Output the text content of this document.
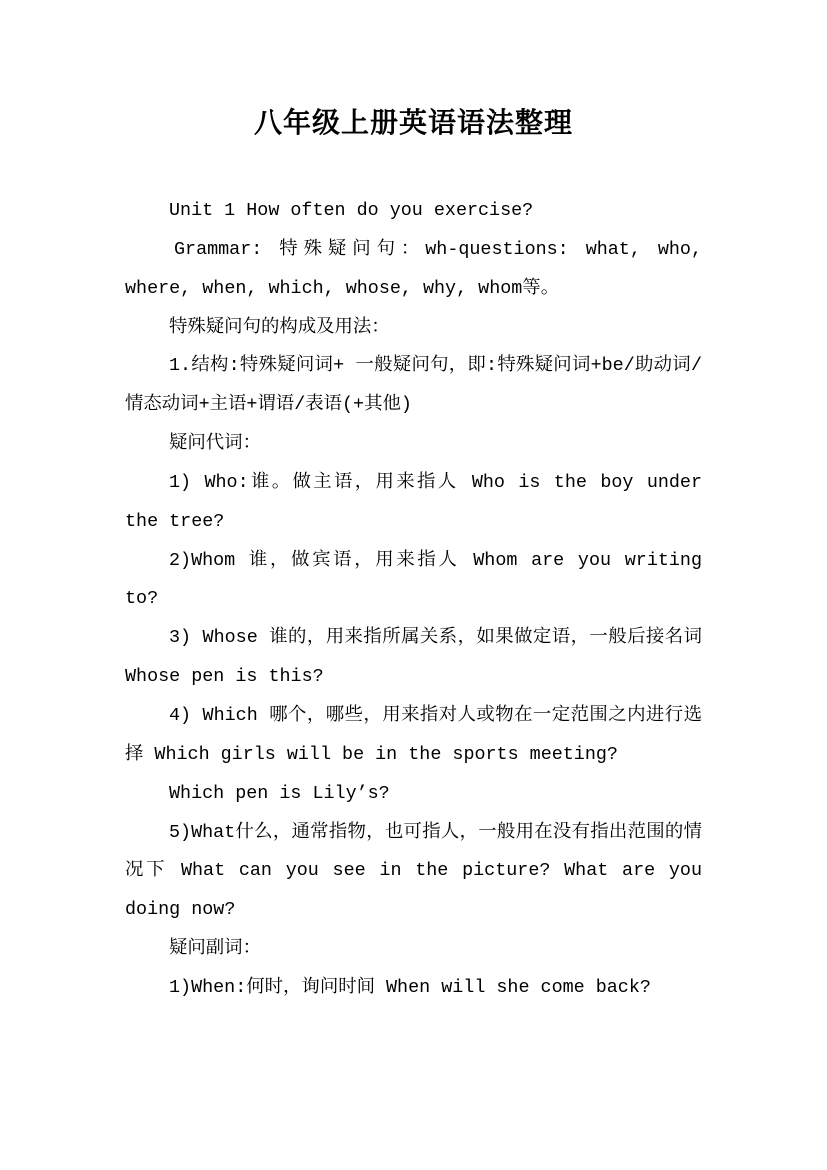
八年级上册英语语法整理

Unit 1 How often do you exercise?

Grammar: 特殊疑问句：wh-questions: what, who, where, when, which, whose, why, whom等。

特殊疑问句的构成及用法：

1.结构:特殊疑问词+ 一般疑问句，即:特殊疑问词+be/助动词/情态动词+主语+谓语/表语(+其他)

疑问代词：

1) Who:谁。做主语，用来指人 Who is the boy under the tree?

2)Whom 谁，做宾语，用来指人 Whom are you writing to?

3) Whose 谁的，用来指所属关系，如果做定语，一般后接名词 Whose pen is this?

4) Which 哪个，哪些，用来指对人或物在一定范围之内进行选择 Which girls will be in the sports meeting?

Which pen is Lily’s?

5)What什么，通常指物，也可指人，一般用在没有指出范围的情况下 What can you see in the picture? What are you doing now?

疑问副词：

1)When:何时，询问时间 When will she come back?
